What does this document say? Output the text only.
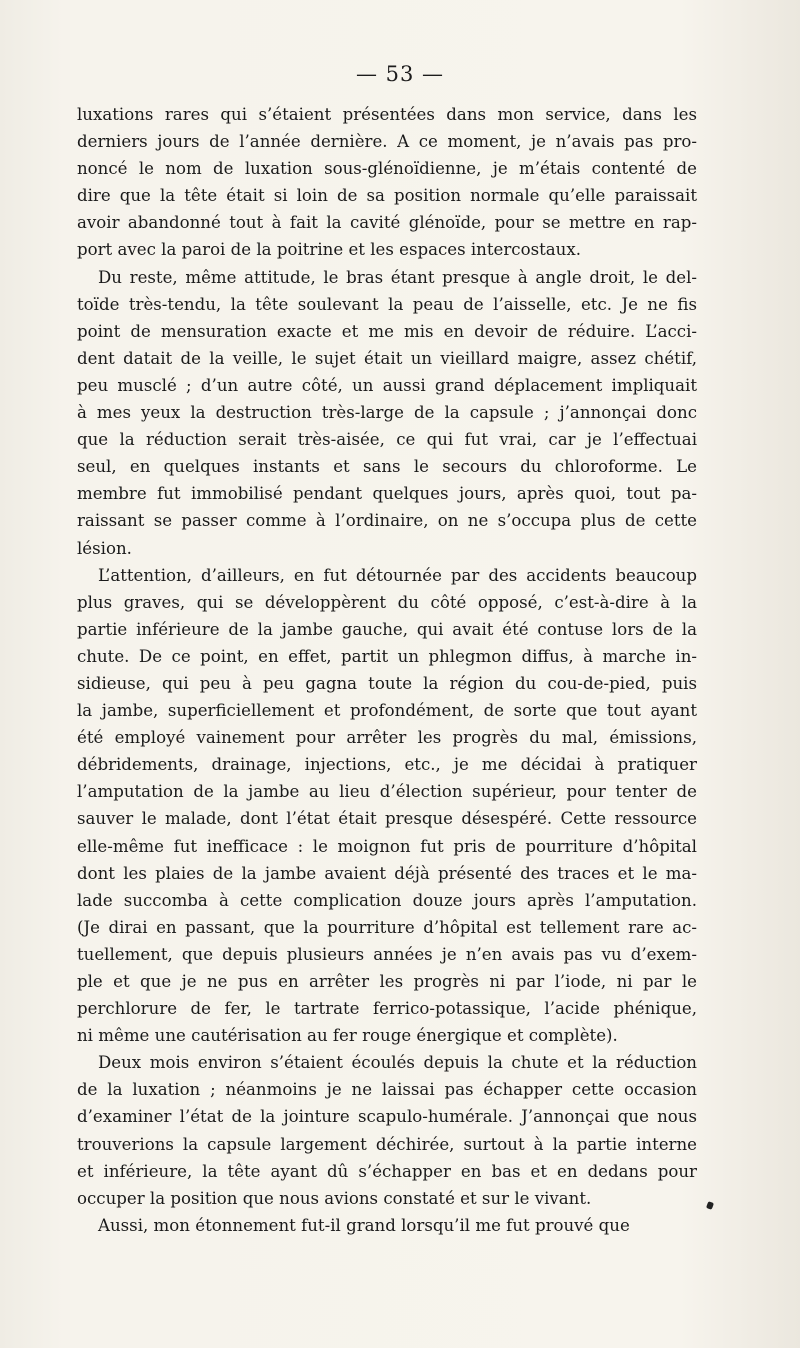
— 53 —
luxations rares qui s’étaient présentées dans mon service, dans les
derniers jours de l’année dernière. A ce moment, je n’avais pas pro-
noncé le nom de luxation sous-glénoïdienne, je m’étais contenté de
dire que la tête était si loin de sa position normale qu’elle paraissait
avoir abandonné tout à fait la cavité glénoïde, pour se mettre en rap-
port avec la paroi de la poitrine et les espaces intercostaux.
Du reste, même attitude, le bras étant presque à angle droit, le del-
toïde très-tendu, la tête soulevant la peau de l’aisselle, etc. Je ne fis
point de mensuration exacte et me mis en devoir de réduire. L’acci-
dent datait de la veille, le sujet était un vieillard maigre, assez chétif,
peu musclé ; d’un autre côté, un aussi grand déplacement impliquait
à mes yeux la destruction très-large de la capsule ; j’annonçai donc
que la réduction serait très-aisée, ce qui fut vrai, car je l’effectuai
seul, en quelques instants et sans le secours du chloroforme. Le
membre fut immobilisé pendant quelques jours, après quoi, tout pa-
raissant se passer comme à l’ordinaire, on ne s’occupa plus de cette
lésion.
L’attention, d’ailleurs, en fut détournée par des accidents beaucoup
plus graves, qui se développèrent du côté opposé, c’est-à-dire à la
partie inférieure de la jambe gauche, qui avait été contuse lors de la
chute. De ce point, en effet, partit un phlegmon diffus, à marche in-
sidieuse, qui peu à peu gagna toute la région du cou-de-pied, puis
la jambe, superficiellement et profondément, de sorte que tout ayant
été employé vainement pour arrêter les progrès du mal, émissions,
débridements, drainage, injections, etc., je me décidai à pratiquer
l’amputation de la jambe au lieu d’élection supérieur, pour tenter de
sauver le malade, dont l’état était presque désespéré. Cette ressource
elle-même fut inefficace : le moignon fut pris de pourriture d’hôpital
dont les plaies de la jambe avaient déjà présenté des traces et le ma-
lade succomba à cette complication douze jours après l’amputation.
(Je dirai en passant, que la pourriture d’hôpital est tellement rare ac-
tuellement, que depuis plusieurs années je n’en avais pas vu d’exem-
ple et que je ne pus en arrêter les progrès ni par l’iode, ni par le
perchlorure de fer, le tartrate ferrico-potassique, l’acide phénique,
ni même une cautérisation au fer rouge énergique et complète).
Deux mois environ s’étaient écoulés depuis la chute et la réduction
de la luxation ; néanmoins je ne laissai pas échapper cette occasion
d’examiner l’état de la jointure scapulo-humérale. J’annonçai que nous
trouverions la capsule largement déchirée, surtout à la partie interne
et inférieure, la tête ayant dû s’échapper en bas et en dedans pour
occuper la position que nous avions constaté et sur le vivant.
Aussi, mon étonnement fut-il grand lorsqu’il me fut prouvé que
